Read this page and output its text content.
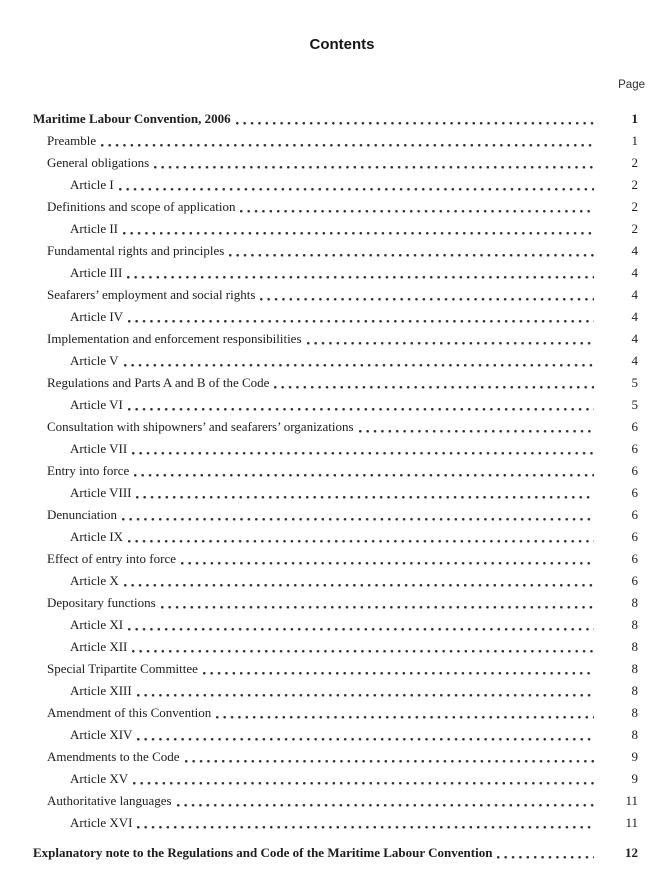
Contents
Page
Maritime Labour Convention, 2006	1
Preamble	1
General obligations	2
Article I	2
Definitions and scope of application	2
Article II	2
Fundamental rights and principles	4
Article III	4
Seafarers’ employment and social rights	4
Article IV	4
Implementation and enforcement responsibilities	4
Article V	4
Regulations and Parts A and B of the Code	5
Article VI	5
Consultation with shipowners’ and seafarers’ organizations	6
Article VII	6
Entry into force	6
Article VIII	6
Denunciation	6
Article IX	6
Effect of entry into force	6
Article X	6
Depositary functions	8
Article XI	8
Article XII	8
Special Tripartite Committee	8
Article XIII	8
Amendment of this Convention	8
Article XIV	8
Amendments to the Code	9
Article XV	9
Authoritative languages	11
Article XVI	11
Explanatory note to the Regulations and Code of the Maritime Labour Convention	12
